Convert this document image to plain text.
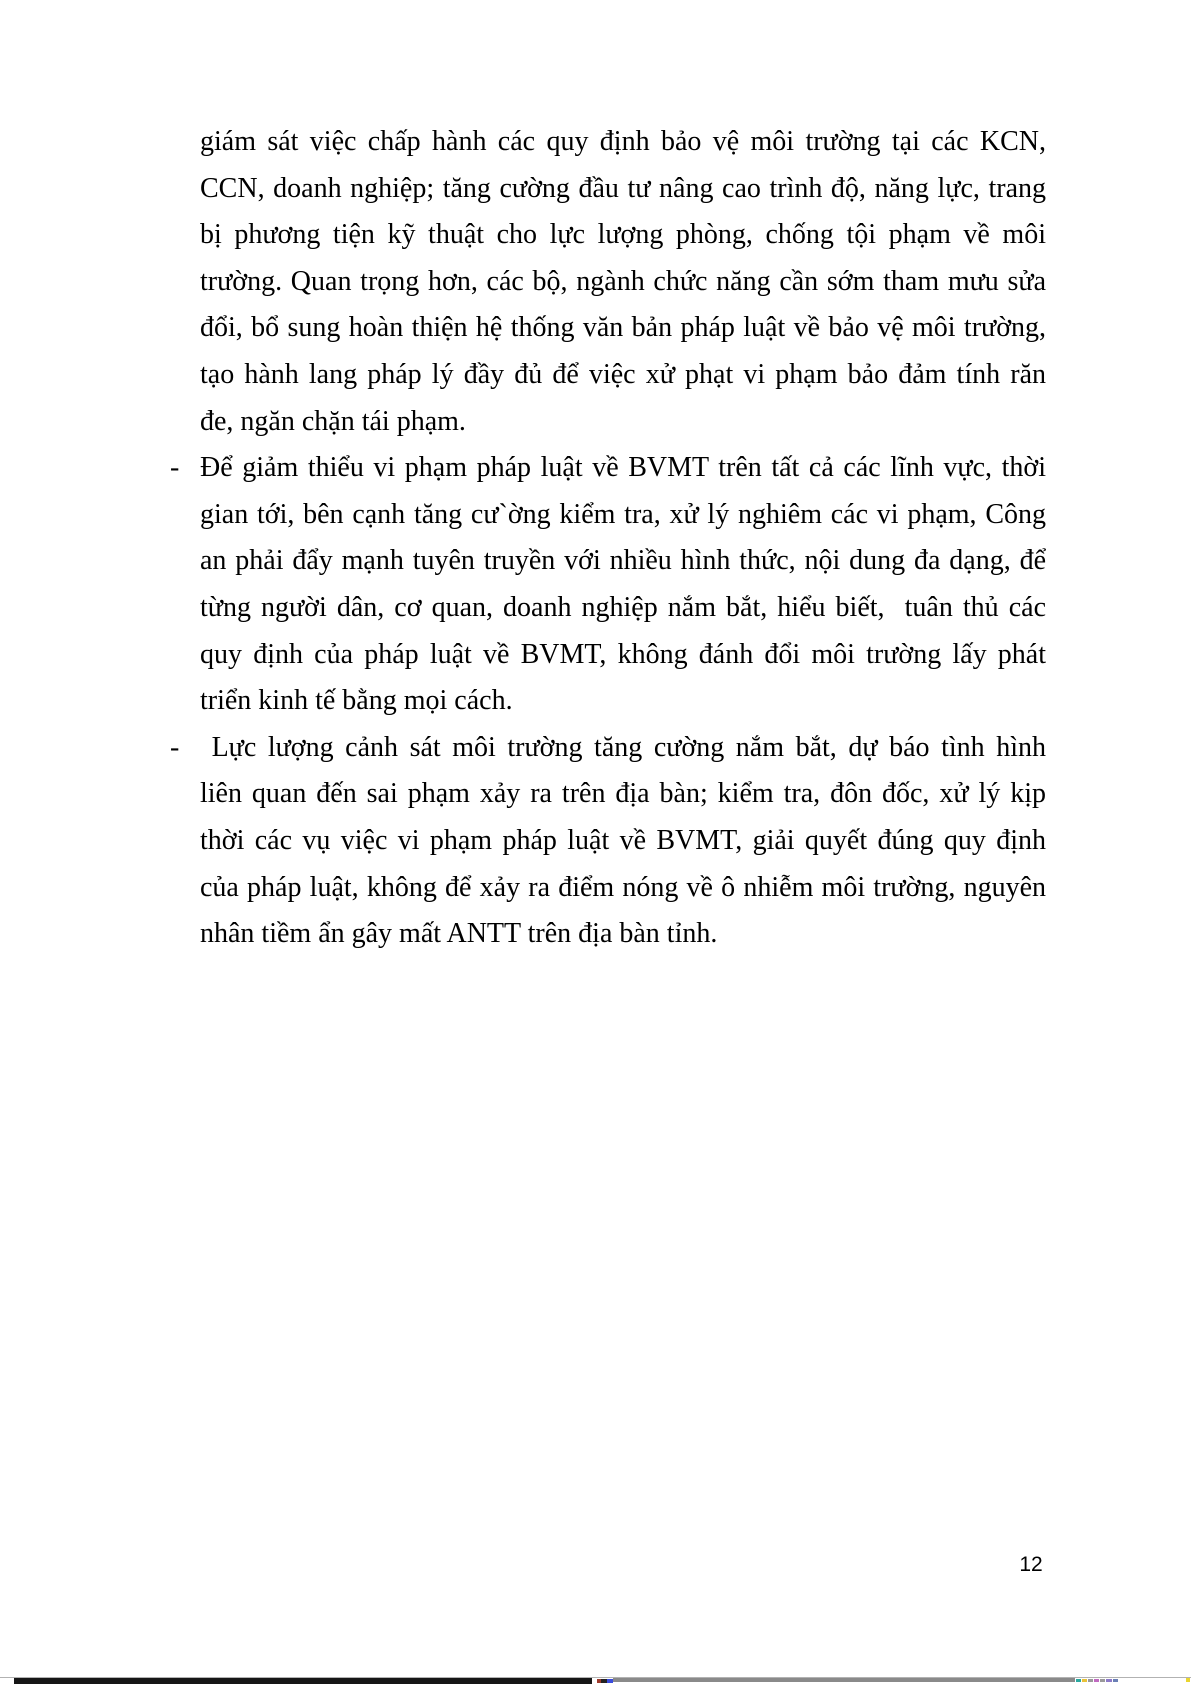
giám sát việc chấp hành các quy định bảo vệ môi trường tại các KCN,
CCN, doanh nghiệp; tăng cường đầu tư nâng cao trình độ, năng lực, trang
bị phương tiện kỹ thuật cho lực lượng phòng, chống tội phạm về môi
trường. Quan trọng hơn, các bộ, ngành chức năng cần sớm tham mưu sửa
đổi, bổ sung hoàn thiện hệ thống văn bản pháp luật về bảo vệ môi trường,
tạo hành lang pháp lý đầy đủ để việc xử phạt vi phạm bảo đảm tính răn
đe, ngăn chặn tái phạm.
- Để giảm thiểu vi phạm pháp luật về BVMT trên tất cả các lĩnh vực, thời
gian tới, bên cạnh tăng cư`ờng kiểm tra, xử lý nghiêm các vi phạm, Công
an phải đẩy mạnh tuyên truyền với nhiều hình thức, nội dung đa dạng, để
từng người dân, cơ quan, doanh nghiệp nắm bắt, hiểu biết,  tuân thủ các
quy định của pháp luật về BVMT, không đánh đổi môi trường lấy phát
triển kinh tế bằng mọi cách.
- Lực lượng cảnh sát môi trường tăng cường nắm bắt, dự báo tình hình
liên quan đến sai phạm xảy ra trên địa bàn; kiểm tra, đôn đốc, xử lý kịp
thời các vụ việc vi phạm pháp luật về BVMT, giải quyết đúng quy định
của pháp luật, không để xảy ra điểm nóng về ô nhiễm môi trường, nguyên
nhân tiềm ẩn gây mất ANTT trên địa bàn tỉnh.
12
